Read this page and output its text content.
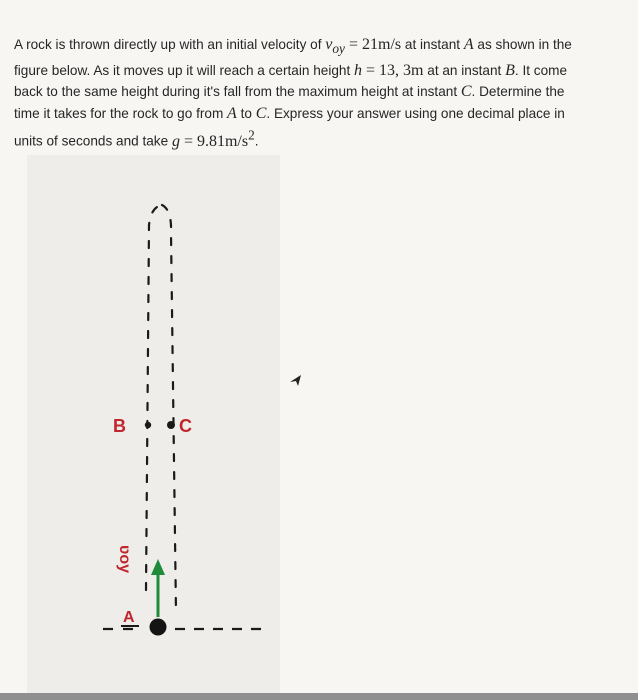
A rock is thrown directly up with an initial velocity of $v_{oy} = 21m/s$ at instant A as shown in the
figure below. As it moves up it will reach a certain height h = 13, 3m at an instant B. It come
back to the same height during it's fall from the maximum height at instant C. Determine the
time it takes for the rock to go from A to C. Express your answer using one decimal place in
units of seconds and take $g = 9.81m/s^2$.
B	C
ʋoy
A
